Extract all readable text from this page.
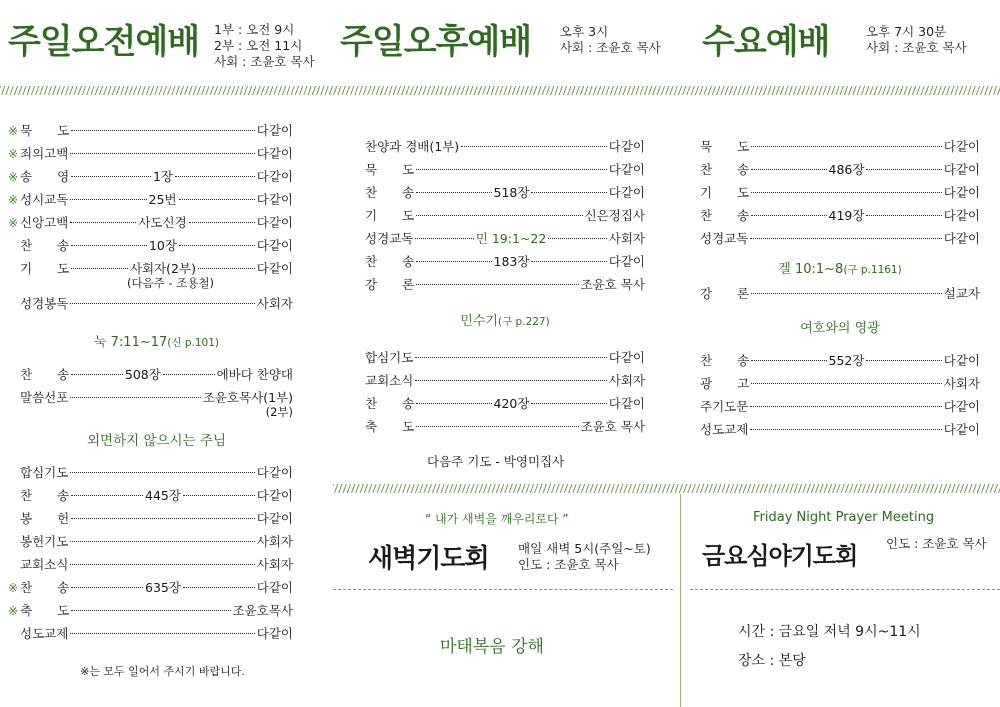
주일오전예배 1부 : 오전 9시
2부 : 오전 11시
사회 : 조윤호 목사 주일오후예배 오후 3시
사회 : 조윤호 목사 수요예배	오후 7시 30분
사회 : 조윤호 목사
※ 묵　　도	다같이
※ 죄의고백	다같이
※ 송　　영	1장	다같이
※ 성시교독	25번	다같이
※ 신앙고백	사도신경	다같이
찬　　송	10장	다같이
기　　도	사회자(2부)	다같이
(다음주 - 조용철)
성경봉독	사회자
눅 7:11~17(신 p.101)
찬　　송	508장	에바다 찬양대
말씀선포	조윤호목사(1부)
(2부)
외면하지 않으시는 주님
합심기도	다같이
찬　　송	445장	다같이
봉　　헌	다같이
봉헌기도	사회자
교회소식	사회자
※ 찬　　송	635장	다같이
※ 축　　도	조윤호목사
성도교제	다같이
※는 모두 일어서 주시기 바랍니다.
찬양과 경배(1부)	다같이
묵　　도	다같이
찬　　송	518장	다같이
기　　도	신은정집사
성경교독	민 19:1~22	사회자
찬　　송	183장	다같이
강　　론	조윤호 목사
민수기(구 p.227)
합심기도	다같이
교회소식	사회자
찬　　송	420장	다같이
축　　도	조윤호 목사
다음주 기도 - 박영미집사
묵　　도	다같이
찬　　송	486장	다같이
기　　도	다같이
찬　　송	419장	다같이
성경교독	다같이
겔 10:1~8(구 p.1161)
강　　론	설교자
여호와의 영광
찬　　송	552장	다같이
광　　고	사회자
주기도문	다같이
성도교제	다같이
“ 내가 새벽을 깨우리로다 ”
새벽기도회 매일 새벽 5시(주일~토)
인도 : 조윤호 목사
마태복음 강해
Friday Night Prayer Meeting
금요심야기도회 인도 : 조윤호 목사
시간 : 금요일 저녁 9시~11시
장소 : 본당
